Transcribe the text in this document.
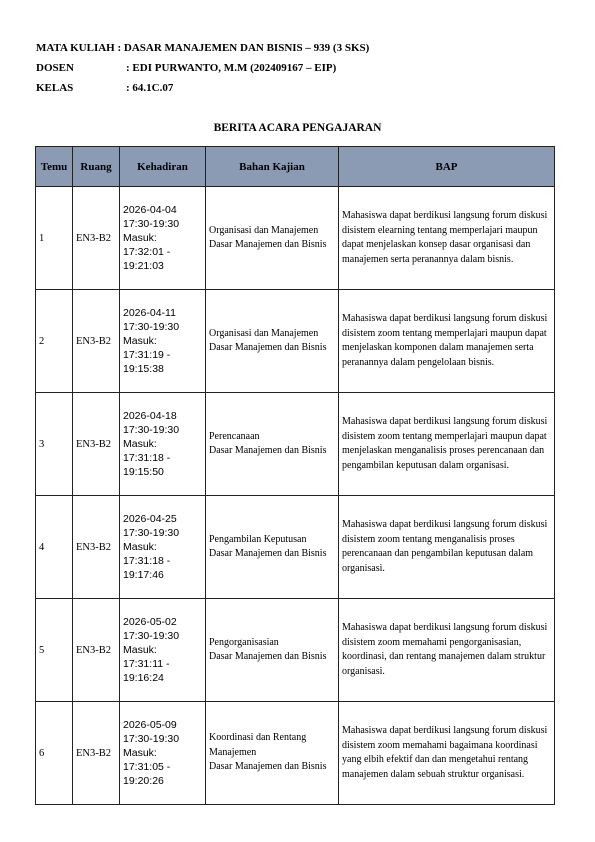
MATA KULIAH : DASAR MANAJEMEN DAN BISNIS – 939 (3 SKS)
DOSEN	: EDI PURWANTO, M.M (202409167 – EIP)
KELAS	: 64.1C.07
BERITA ACARA PENGAJARAN
Temu	Ruang	Kehadiran	Bahan Kajian	BAP
1	EN3-B2	2026-04-04
17:30-19:30
Masuk:
17:32:01 -
19:21:03	Organisasi dan Manajemen
Dasar Manajemen dan Bisnis	Mahasiswa dapat berdikusi langsung forum diskusi disistem elearning tentang memperlajari maupun dapat menjelaskan konsep dasar organisasi dan manajemen serta peranannya dalam bisnis.
2	EN3-B2	2026-04-11
17:30-19:30
Masuk:
17:31:19 -
19:15:38	Organisasi dan Manajemen
Dasar Manajemen dan Bisnis	Mahasiswa dapat berdikusi langsung forum diskusi disistem zoom tentang memperlajari maupun dapat menjelaskan komponen dalam manajemen serta peranannya dalam pengelolaan bisnis.
3	EN3-B2	2026-04-18
17:30-19:30
Masuk:
17:31:18 -
19:15:50	Perencanaan
Dasar Manajemen dan Bisnis	Mahasiswa dapat berdikusi langsung forum diskusi disistem zoom tentang memperlajari maupun dapat menjelaskan menganalisis proses perencanaan dan pengambilan keputusan dalam organisasi.
4	EN3-B2	2026-04-25
17:30-19:30
Masuk:
17:31:18 -
19:17:46	Pengambilan Keputusan
Dasar Manajemen dan Bisnis	Mahasiswa dapat berdikusi langsung forum diskusi disistem zoom tentang menganalisis proses perencanaan dan pengambilan keputusan dalam organisasi.
5	EN3-B2	2026-05-02
17:30-19:30
Masuk:
17:31:11 -
19:16:24	Pengorganisasian
Dasar Manajemen dan Bisnis	Mahasiswa dapat berdikusi langsung forum diskusi disistem zoom memahami pengorganisasian, koordinasi, dan rentang manajemen dalam struktur organisasi.
6	EN3-B2	2026-05-09
17:30-19:30
Masuk:
17:31:05 -
19:20:26	Koordinasi dan Rentang Manajemen
Dasar Manajemen dan Bisnis	Mahasiswa dapat berdikusi langsung forum diskusi disistem zoom memahami bagaimana koordinasi yang elbih efektif dan dan mengetahui rentang manajemen dalam sebuah struktur organisasi.
